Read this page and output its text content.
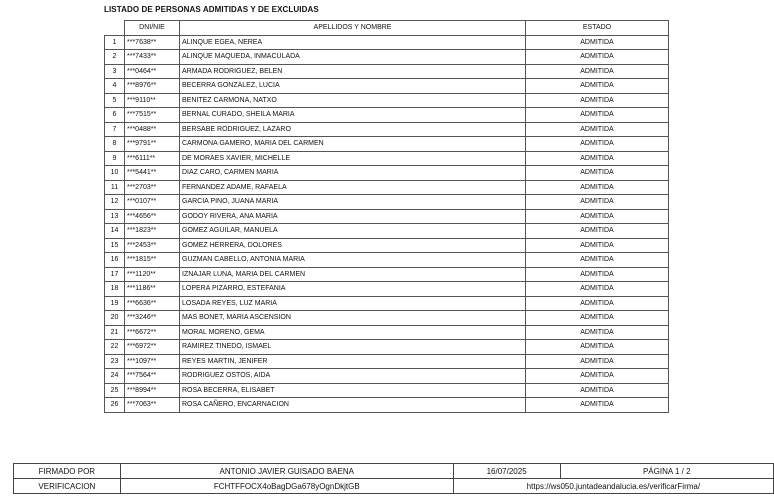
LISTADO DE PERSONAS ADMITIDAS Y DE EXCLUIDAS
	DNI/NIE	APELLIDOS Y NOMBRE	ESTADO
1	***7638**	ALINQUE EGEA, NEREA	ADMITIDA
2	***7433**	ALINQUE MAQUEDA, INMACULADA	ADMITIDA
3	***0464**	ARMADA RODRIGUEZ, BELEN	ADMITIDA
4	***8976**	BECERRA GONZALEZ, LUCIA	ADMITIDA
5	***9110**	BENITEZ CARMONA, NATXO	ADMITIDA
6	***7515**	BERNAL CURADO, SHEILA MARIA	ADMITIDA
7	***0488**	BERSABE RODRIGUEZ, LAZARO	ADMITIDA
8	***9791**	CARMONA GAMERO, MARIA DEL CARMEN	ADMITIDA
9	***6111**	DE MORAES XAVIER, MICHELLE	ADMITIDA
10	***5441**	DIAZ CARO, CARMEN MARIA	ADMITIDA
11	***2703**	FERNANDEZ ADAME, RAFAELA	ADMITIDA
12	***0107**	GARCIA PINO, JUANA MARIA	ADMITIDA
13	***4656**	GODOY RIVERA, ANA MARIA	ADMITIDA
14	***1823**	GOMEZ AGUILAR, MANUELA	ADMITIDA
15	***2453**	GOMEZ HERRERA, DOLORES	ADMITIDA
16	***1815**	GUZMAN CABELLO, ANTONIA MARIA	ADMITIDA
17	***1120**	IZNAJAR LUNA, MARIA DEL CARMEN	ADMITIDA
18	***1186**	LOPERA PIZARRO, ESTEFANIA	ADMITIDA
19	***6636**	LOSADA REYES, LUZ MARIA	ADMITIDA
20	***3246**	MAS BONET, MARIA ASCENSION	ADMITIDA
21	***6672**	MORAL MORENO, GEMA	ADMITIDA
22	***6972**	RAMIREZ TINEDO, ISMAEL	ADMITIDA
23	***1097**	REYES MARTIN, JENIFER	ADMITIDA
24	***7564**	RODRIGUEZ OSTOS, AIDA	ADMITIDA
25	***8994**	ROSA BECERRA, ELISABET	ADMITIDA
26	***7063**	ROSA CAÑERO, ENCARNACION	ADMITIDA
FIRMADO POR	ANTONIO JAVIER GUISADO BAENA	16/07/2025	PÁGINA 1 / 2
VERIFICACION	FCHTFFOCX4oBagDGa678yOgnDkjtGB	https://ws050.juntadeandalucia.es/verificarFirma/	
